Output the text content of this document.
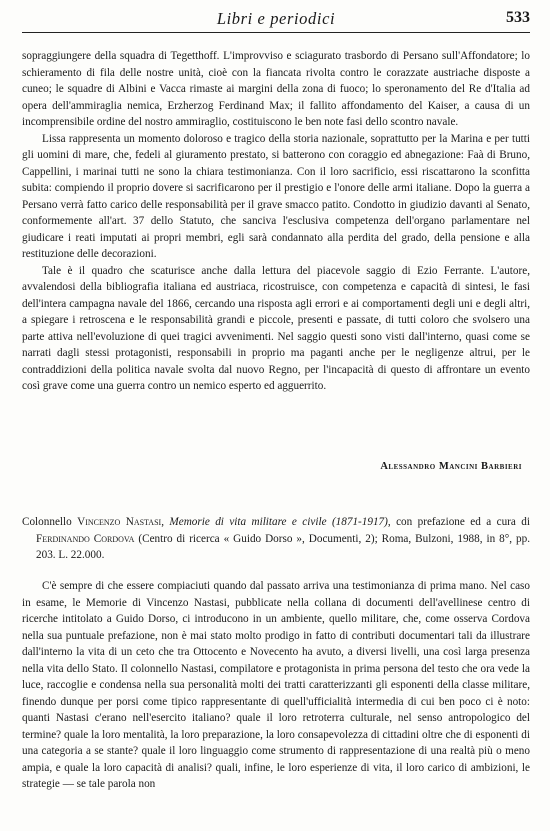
Libri e periodici	533

sopraggiungere della squadra di Tegetthoff. L'improvviso e sciagurato trasbordo di Persano sull'Affondatore; lo schieramento di fila delle nostre unità, cioè con la fiancata rivolta contro le corazzate austriache disposte a cuneo; le squadre di Albini e Vacca rimaste ai margini della zona di fuoco; lo speronamento del Re d'Italia ad opera dell'ammiraglia nemica, Erzherzog Ferdinand Max; il fallito affondamento del Kaiser, a causa di un incomprensibile ordine del nostro ammiraglio, costituiscono le ben note fasi dello scontro navale.

Lissa rappresenta un momento doloroso e tragico della storia nazionale, soprattutto per la Marina e per tutti gli uomini di mare, che, fedeli al giuramento prestato, si batterono con coraggio ed abnegazione: Faà di Bruno, Cappellini, i marinai tutti ne sono la chiara testimonianza. Con il loro sacrificio, essi riscattarono la sconfitta subita: compiendo il proprio dovere si sacrificarono per il prestigio e l'onore delle armi italiane. Dopo la guerra a Persano verrà fatto carico delle responsabilità per il grave smacco patito. Condotto in giudizio davanti al Senato, conformemente all'art. 37 dello Statuto, che sanciva l'esclusiva competenza dell'organo parlamentare nel giudicare i reati imputati ai propri membri, egli sarà condannato alla perdita del grado, della pensione e alla restituzione delle decorazioni.

Tale è il quadro che scaturisce anche dalla lettura del piacevole saggio di Ezio Ferrante. L'autore, avvalendosi della bibliografia italiana ed austriaca, ricostruisce, con competenza e capacità di sintesi, le fasi dell'intera campagna navale del 1866, cercando una risposta agli errori e ai comportamenti degli uni e degli altri, a spiegare i retroscena e le responsabilità grandi e piccole, presenti e passate, di tutti coloro che svolsero una parte attiva nell'evoluzione di quei tragici avvenimenti. Nel saggio questi sono visti dall'interno, quasi come se narrati dagli stessi protagonisti, responsabili in proprio ma paganti anche per le negligenze altrui, per le contraddizioni della politica navale svolta dal nuovo Regno, per l'incapacità di questo di affrontare un evento così grave come una guerra contro un nemico esperto ed agguerrito.

Alessandro Mancini Barbieri
Colonnello Vincenzo Nastasi, Memorie di vita militare e civile (1871-1917), con prefazione ed a cura di Ferdinando Cordova (Centro di ricerca « Guido Dorso », Documenti, 2); Roma, Bulzoni, 1988, in 8°, pp. 203. L. 22.000.

C'è sempre di che essere compiaciuti quando dal passato arriva una testimonianza di prima mano. Nel caso in esame, le Memorie di Vincenzo Nastasi, pubblicate nella collana di documenti dell'avellinese centro di ricerche intitolato a Guido Dorso, ci introducono in un ambiente, quello militare, che, come osserva Cordova nella sua puntuale prefazione, non è mai stato molto prodigo in fatto di contributi documentari tali da illustrare dall'interno la vita di un ceto che tra Ottocento e Novecento ha avuto, a diversi livelli, una così larga presenza nella vita dello Stato. Il colonnello Nastasi, compilatore e protagonista in prima persona del testo che ora vede la luce, raccoglie e condensa nella sua personalità molti dei tratti caratterizzanti gli esponenti della classe militare, finendo dunque per porsi come tipico rappresentante di quell'ufficialità intermedia di cui ben poco ci è noto: quanti Nastasi c'erano nell'esercito italiano? quale il loro retroterra culturale, nel senso antropologico del termine? quale la loro mentalità, la loro preparazione, la loro consapevolezza di cittadini oltre che di esponenti di una categoria a se stante? quale il loro linguaggio come strumento di rappresentazione di una realtà più o meno ampia, e quale la loro capacità di analisi? quali, infine, le loro esperienze di vita, il loro carico di ambizioni, le strategie — se tale parola non
